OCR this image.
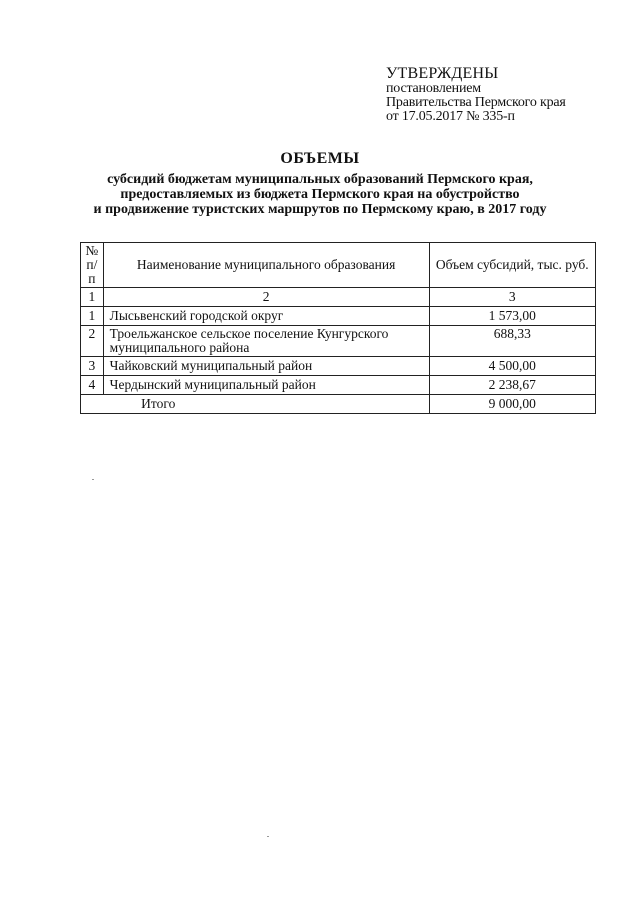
УТВЕРЖДЕНЫ
постановлением
Правительства Пермского края
от 17.05.2017 № 335-п
ОБЪЕМЫ
субсидий бюджетам муниципальных образований Пермского края,
предоставляемых из бюджета Пермского края на обустройство
и продвижение туристских маршрутов по Пермскому краю, в 2017 году
№ п/п	Наименование муниципального образования	Объем субсидий, тыс. руб.
1	2	3
1	Лысьвенский городской округ	1 573,00
2	Троельжанское сельское поселение Кунгурского муниципального района	688,33
3	Чайковский муниципальный район	4 500,00
4	Чердынский муниципальный район	2 238,67
	Итого	9 000,00
